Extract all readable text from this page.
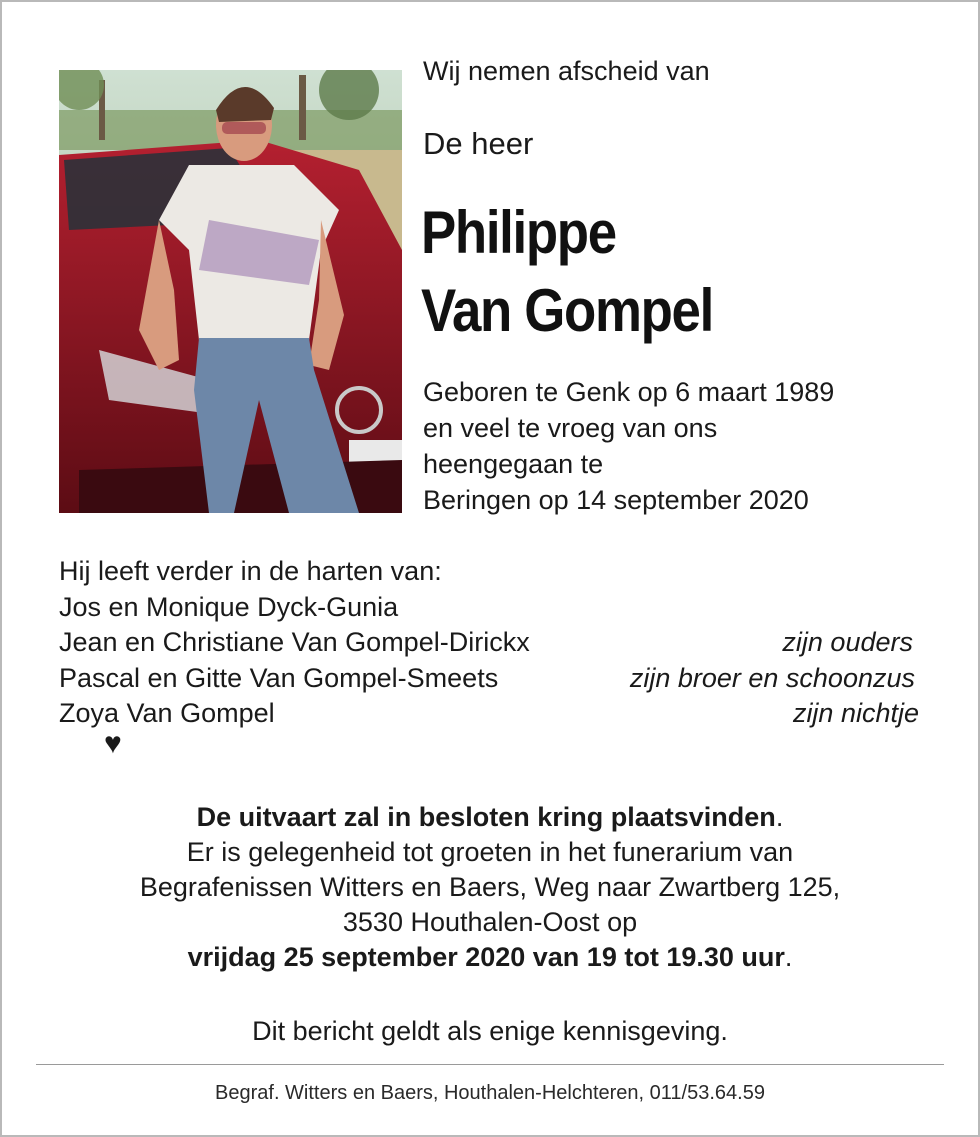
Wij nemen afscheid van
De heer
Philippe
Van Gompel
Geboren te Genk op 6 maart 1989
en veel te vroeg van ons
heengegaan te
Beringen op 14 september 2020
Hij leeft verder in de harten van:
Jos en Monique Dyck-Gunia
Jean en Christiane Van Gompel-Dirickx	zijn ouders
Pascal en Gitte Van Gompel-Smeets	zijn broer en schoonzus
Zoya Van Gompel	zijn nichtje
♥
De uitvaart zal in besloten kring plaatsvinden.
Er is gelegenheid tot groeten in het funerarium van
Begrafenissen Witters en Baers, Weg naar Zwartberg 125,
3530 Houthalen-Oost op
vrijdag 25 september 2020 van 19 tot 19.30 uur.
Dit bericht geldt als enige kennisgeving.
Begraf. Witters en Baers, Houthalen-Helchteren, 011/53.64.59
